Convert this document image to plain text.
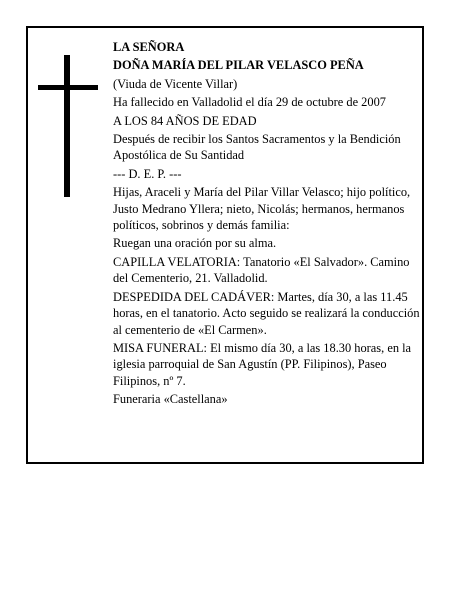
LA SEÑORA

DOÑA MARÍA DEL PILAR VELASCO PEÑA

(Viuda de Vicente Villar)

Ha fallecido en Valladolid el día 29 de octubre de 2007

A LOS 84 AÑOS DE EDAD

Después de recibir los Santos Sacramentos y la Bendición Apostólica de Su Santidad

--- D. E. P. ---

Hijas, Araceli y María del Pilar Villar Velasco; hijo político, Justo Medrano Yllera; nieto, Nicolás; hermanos, hermanos políticos, sobrinos y demás familia:

Ruegan una oración por su alma.

CAPILLA VELATORIA: Tanatorio «El Salvador». Camino del Cementerio, 21. Valladolid.

DESPEDIDA DEL CADÁVER: Martes, día 30, a las 11.45 horas, en el tanatorio. Acto seguido se realizará la conducción al cementerio de «El Carmen».

MISA FUNERAL: El mismo día 30, a las 18.30 horas, en la iglesia parroquial de San Agustín (PP. Filipinos), Paseo Filipinos, nº 7.

Funeraria «Castellana»
